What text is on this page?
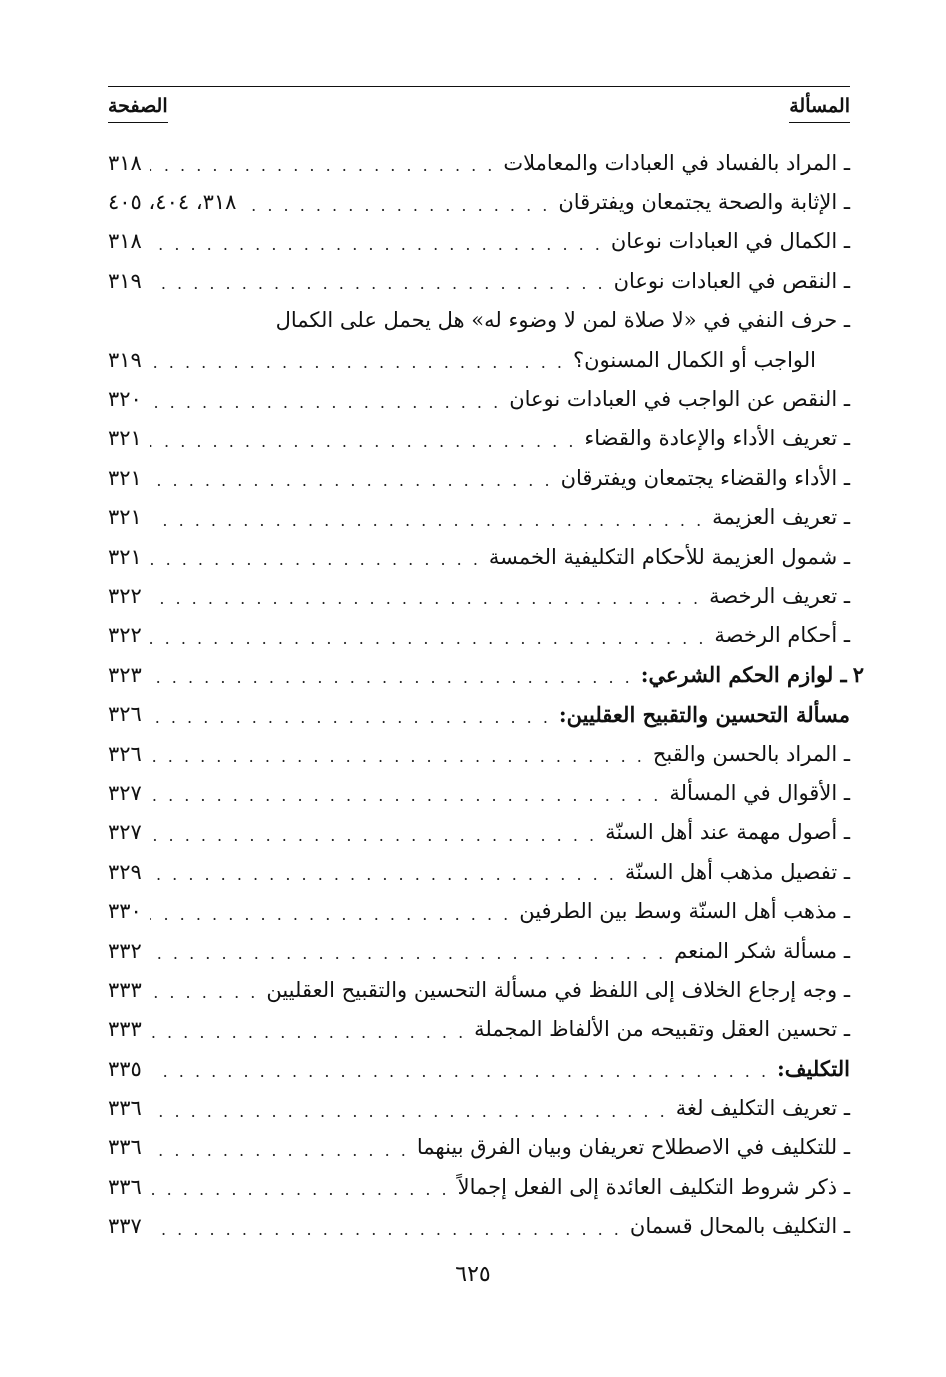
المسألة
الصفحة
ـ المراد بالفساد في العبادات والمعاملات
. . .
٣١٨
ـ الإثابة والصحة يجتمعان ويفترقان
. . .
٣١٨، ٤٠٤، ٤٠٥
ـ الكمال في العبادات نوعان
. . .
٣١٨
ـ النقص في العبادات نوعان
. . .
٣١٩
ـ حرف النفي في «لا صلاة لمن لا وضوء له» هل يحمل على الكمال
الواجب أو الكمال المسنون؟
. . .
٣١٩
ـ النقص عن الواجب في العبادات نوعان
. . .
٣٢٠
ـ تعريف الأداء والإعادة والقضاء
. . .
٣٢١
ـ الأداء والقضاء يجتمعان ويفترقان
. . .
٣٢١
ـ تعريف العزيمة
. . .
٣٢١
ـ شمول العزيمة للأحكام التكليفية الخمسة
. . .
٣٢١
ـ تعريف الرخصة
. . .
٣٢٢
ـ أحكام الرخصة
. . .
٣٢٢
٢
ـ لوازم الحكم الشرعي:
. . .
٣٢٣
مسألة التحسين والتقبيح العقليين:
. . .
٣٢٦
ـ المراد بالحسن والقبح
. . .
٣٢٦
ـ الأقوال في المسألة
. . .
٣٢٧
ـ أصول مهمة عند أهل السنّة
. . .
٣٢٧
ـ تفصيل مذهب أهل السنّة
. . .
٣٢٩
ـ مذهب أهل السنّة وسط بين الطرفين
. . .
٣٣٠
ـ مسألة شكر المنعم
. . .
٣٣٢
ـ وجه إرجاع الخلاف إلى اللفظ في مسألة التحسين والتقبيح العقليين
. . .
٣٣٣
ـ تحسين العقل وتقبيحه من الألفاظ المجملة
. . .
٣٣٣
التكليف:
. . .
٣٣٥
ـ تعريف التكليف لغة
. . .
٣٣٦
ـ للتكليف في الاصطلاح تعريفان وبيان الفرق بينهما
. . .
٣٣٦
ـ ذكر شروط التكليف العائدة إلى الفعل إجمالاً
. . .
٣٣٦
ـ التكليف بالمحال قسمان
. . .
٣٣٧
٦٢٥
